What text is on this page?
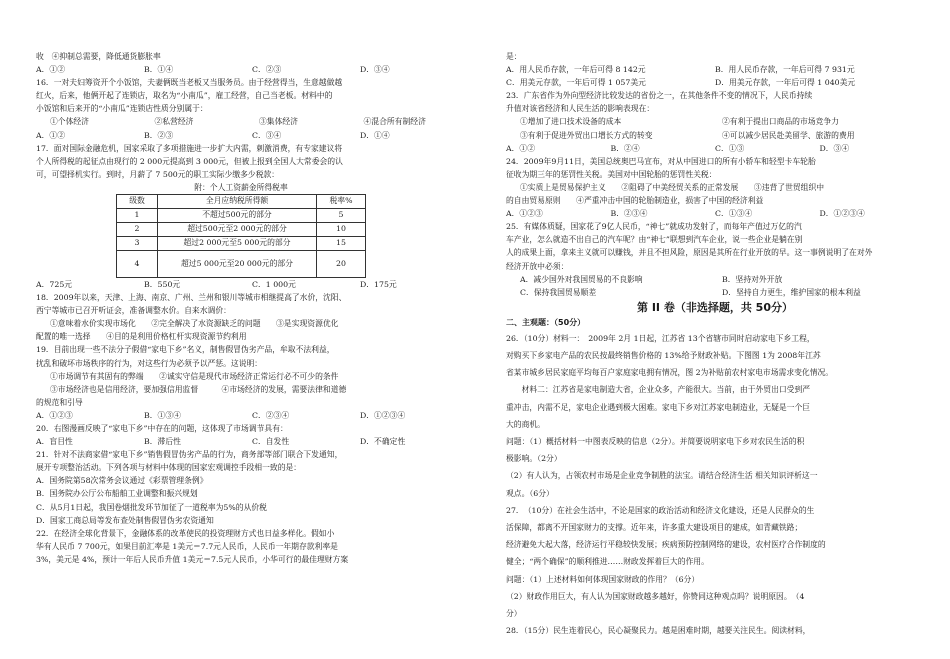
收　④抑制总需要，降低通货膨胀率
A．①②	B．①④	C．②③	D．③④
16．一对夫妇筹资开个小饭馆，夫妻俩既当老板又当服务员。由于经营得当，生意越做越
红火，后来，他俩开起了连锁店，取名为“小南瓜”，雇工经营，自己当老板。材料中的
小饭馆和后来开的“小南瓜”连锁店性质分别属于：
①个体经济	②私营经济	③集体经济	④混合所有制经济
A．①②	B．②③	C．③④	D．①④
17．面对国际金融危机，国家采取了多项措施进一步扩大内需，刺激消费，有专家建议将
个人所得税的起征点由现行的 2 000元提高到 3 000元，但被上报到全国人大常委会的认
可，可望择机实行。到时，月薪了 7 500元的职工实际少缴多少税款：
附：个人工资薪金所得税率
级数	全月应纳税所得额	税率%
1	不超过500元的部分	5
2	超过500元至2 000元的部分	10
3	超过2 000元至5 000元的部分	15
4	超过5 000元至20 000元的部分	20
A．725元	B．550元	C．1 000元	D．175元
18．2009年以来，天津、上海、南京、广州、兰州和银川等城市相继提高了水价，沈阳、
西宁等城市已召开听证会，准备调整水价。自来水调价：
①意味着水价实现市场化　　②完全解决了水资源缺乏的问题　　③是实现资源优化
配置的唯一选择　　④目的是利用价格杠杆实现资源节约利用
19．目前出现一些不法分子假借“家电下乡”名义，制售假冒伪劣产品，牟取不法利益，
扰乱和破坏市场秩序的行为，对这些行为必须予以严惩。这说明：
①市场调节有其固有的弊端　　②诚实守信是现代市场经济正常运行必不可少的条件
③市场经济也是信用经济，要加强信用监督　　　④市场经济的发展，需要法律和道德
的规范和引导
A．①②③	B．①③④	C．②③④	D．①②③④
20．右图漫画反映了“家电下乡”中存在的问题，这体现了市场调节具有：
A．盲目性	B．滞后性	C．自发性	D．不确定性
21．针对不法商家借“家电下乡”销售假冒伪劣产品的行为，商务部等部门联合下发通知，
展开专项整治活动。下列各项与材料中体现的国家宏观调控手段相一致的是：
A．国务院第58次常务会议通过《彩票管理条例》
B．国务院办公厅公布船舶工业调整和振兴规划
C．从5月1日起，我国卷烟批发环节加征了一道税率为5%的从价税
D．国家工商总局等发布查处制售假冒伪劣农资通知
22．在经济全球化背景下，金融体系的改革使民的投资理财方式也日益多样化。假如小
华有人民币 7 700元，如果目前汇率是 1美元＝7.7元人民币，人民币一年期存款利率是
3%，美元是 4%，预计一年后人民币升值 1美元＝7.5元人民币，小华可行的最佳理财方案
是：
A．用人民币存款，一年后可得 8 142元	B．用人民币存款，一年后可得 7 931元
C．用美元存款，一年后可得 1 057美元	D．用美元存款，一年后可得 1 040美元
23．广东省作为外向型经济比较发达的省份之一，在其他条件不变的情况下，人民币持续
升值对该省经济和人民生活的影响表现在：
①增加了进口技术设备的成本	②有利于提出口商品的市场竞争力
③有利于促进外贸出口增长方式的转变	④可以减少居民赴美留学、旅游的费用
A．①②	B．②④	C．①③	D．③④
24．2009年9月11日，美国总统奥巴马宣布，对从中国进口的所有小轿车和轻型卡车轮胎
征收为期三年的惩罚性关税。美国对中国轮胎的惩罚性关税：
①实质上是贸易保护主义　　②阻碍了中美经贸关系的正常发展　　③违背了世贸组织中
的自由贸易原则　　④严重冲击中国的轮胎制造业，损害了中国的经济利益
A．①②③	B．②③④	C．①③④	D．①②③④
25．有媒体质疑，国家花了9亿人民币，“神七”就成功发射了，而每年产值过万亿的汽
车产业，怎么就造不出自己的汽车呢？由“神七”联想到汽车企业，说一些企业是躺在别
人的成果上面，拿来主义就可以赚钱，并且不担风险，原因是其所在行业开放的早。这一事例说明了在对外
经济开放中必须：
A．减少国外对我国贸易的不良影响	B．坚持对外开放
C．保持我国贸易顺差	D．坚持自力更生，维护国家的根本利益
第 II 卷（非选择题，共 50分）
二、主观题：（50分）
26．（10分）材料一：　2009年 2月 1日起，江苏省 13个省辖市同时启动家电下乡工程，
对购买下乡家电产品的农民按最终销售价格的 13%给予财政补贴。下图图 1为 2008年江苏
省某市城乡居民家庭平均每百户家庭家电拥有情况，图 2为补贴前农村家电市场需求变化情况。
　　材料二：江苏省是家电制造大省，企业众多，产能很大。当前，由于外贸出口受到严
重冲击，内需不足，家电企业遇到极大困难。家电下乡对江苏家电制造业，无疑是一个巨
大的商机。
问题：（1）概括材料一中图表反映的信息（2分）。并简要说明家电下乡对农民生活的积
极影响。（2分）
（2）有人认为，占领农村市场是企业竞争制胜的法宝。请结合经济生活 相关知识评析这一
观点。（6分）
27．　（10分）在社会生活中，不论是国家的政治活动和经济文化建设，还是人民群众的生
活保障，都离不开国家财力的支撑。近年来，许多重大建设项目的建成，如青藏铁路；
经济避免大起大落，经济运行平稳较快发展；疾病预防控制网络的建设，农村医疗合作制度的
健全；“两个确保”的顺利推进……财政发挥着巨大的作用。
问题：（1）上述材料如何体现国家财政的作用？（6分）
（2）财政作用巨大，有人认为国家财政越多越好，你赞同这种观点吗？说明原因。　（4
分）
28．（15分）民生连着民心，民心凝聚民力。越是困难时期，越要关注民生。阅读材料，
